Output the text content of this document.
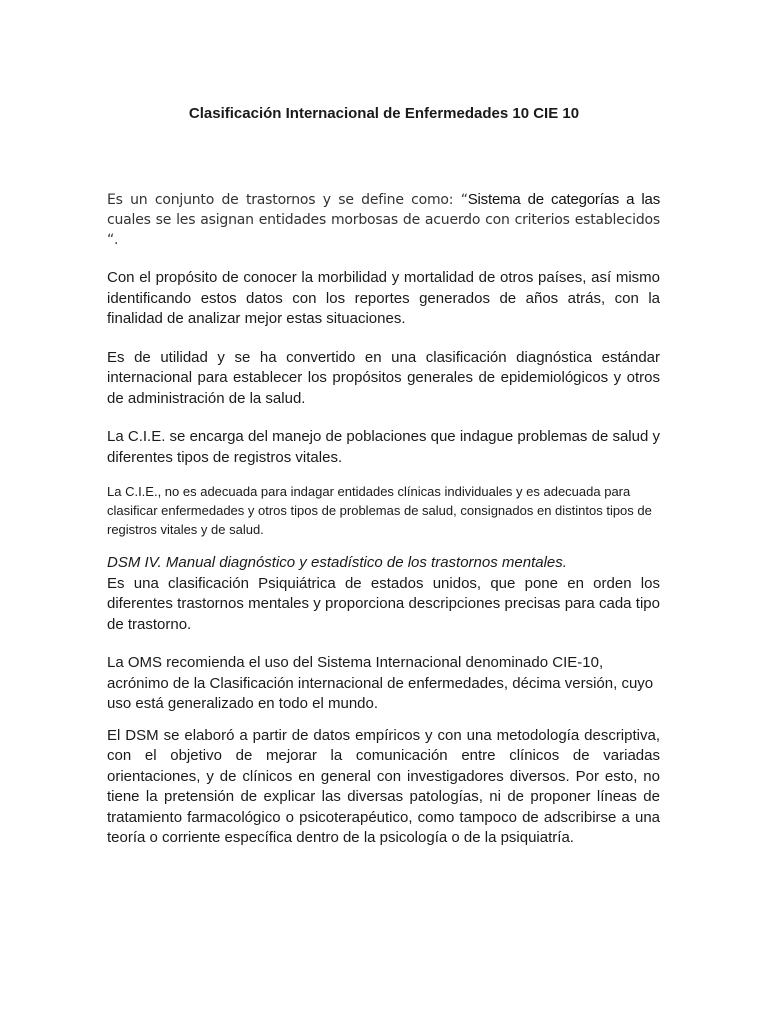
Clasificación Internacional de Enfermedades 10 CIE 10

Es un conjunto de trastornos y se define como: “Sistema de categorías a las cuales se les asignan entidades morbosas de acuerdo con criterios establecidos “.

Con el propósito de conocer la morbilidad y mortalidad de otros países, así mismo identificando estos datos con los reportes generados de años atrás, con la finalidad de analizar mejor estas situaciones.

Es de utilidad y se ha convertido en una clasificación diagnóstica estándar internacional para establecer los propósitos generales de epidemiológicos y otros de administración de la salud.

La C.I.E. se encarga del manejo de poblaciones que indague problemas de salud y diferentes tipos de registros vitales.

La C.I.E., no es adecuada para indagar entidades clínicas individuales y es adecuada para clasificar enfermedades y otros tipos de problemas de salud, consignados en distintos tipos de registros vitales y de salud.

DSM IV. Manual diagnóstico y estadístico de los trastornos mentales.

Es una clasificación Psiquiátrica de estados unidos, que pone en orden los diferentes trastornos mentales y proporciona descripciones precisas para cada tipo de trastorno.

La OMS recomienda el uso del Sistema Internacional denominado CIE-10, acrónimo de la Clasificación internacional de enfermedades, décima versión, cuyo uso está generalizado en todo el mundo.

El DSM se elaboró a partir de datos empíricos y con una metodología descriptiva, con el objetivo de mejorar la comunicación entre clínicos de variadas orientaciones, y de clínicos en general con investigadores diversos. Por esto, no tiene la pretensión de explicar las diversas patologías, ni de proponer líneas de tratamiento farmacológico o psicoterapéutico, como tampoco de adscribirse a una teoría o corriente específica dentro de la psicología o de la psiquiatría.
